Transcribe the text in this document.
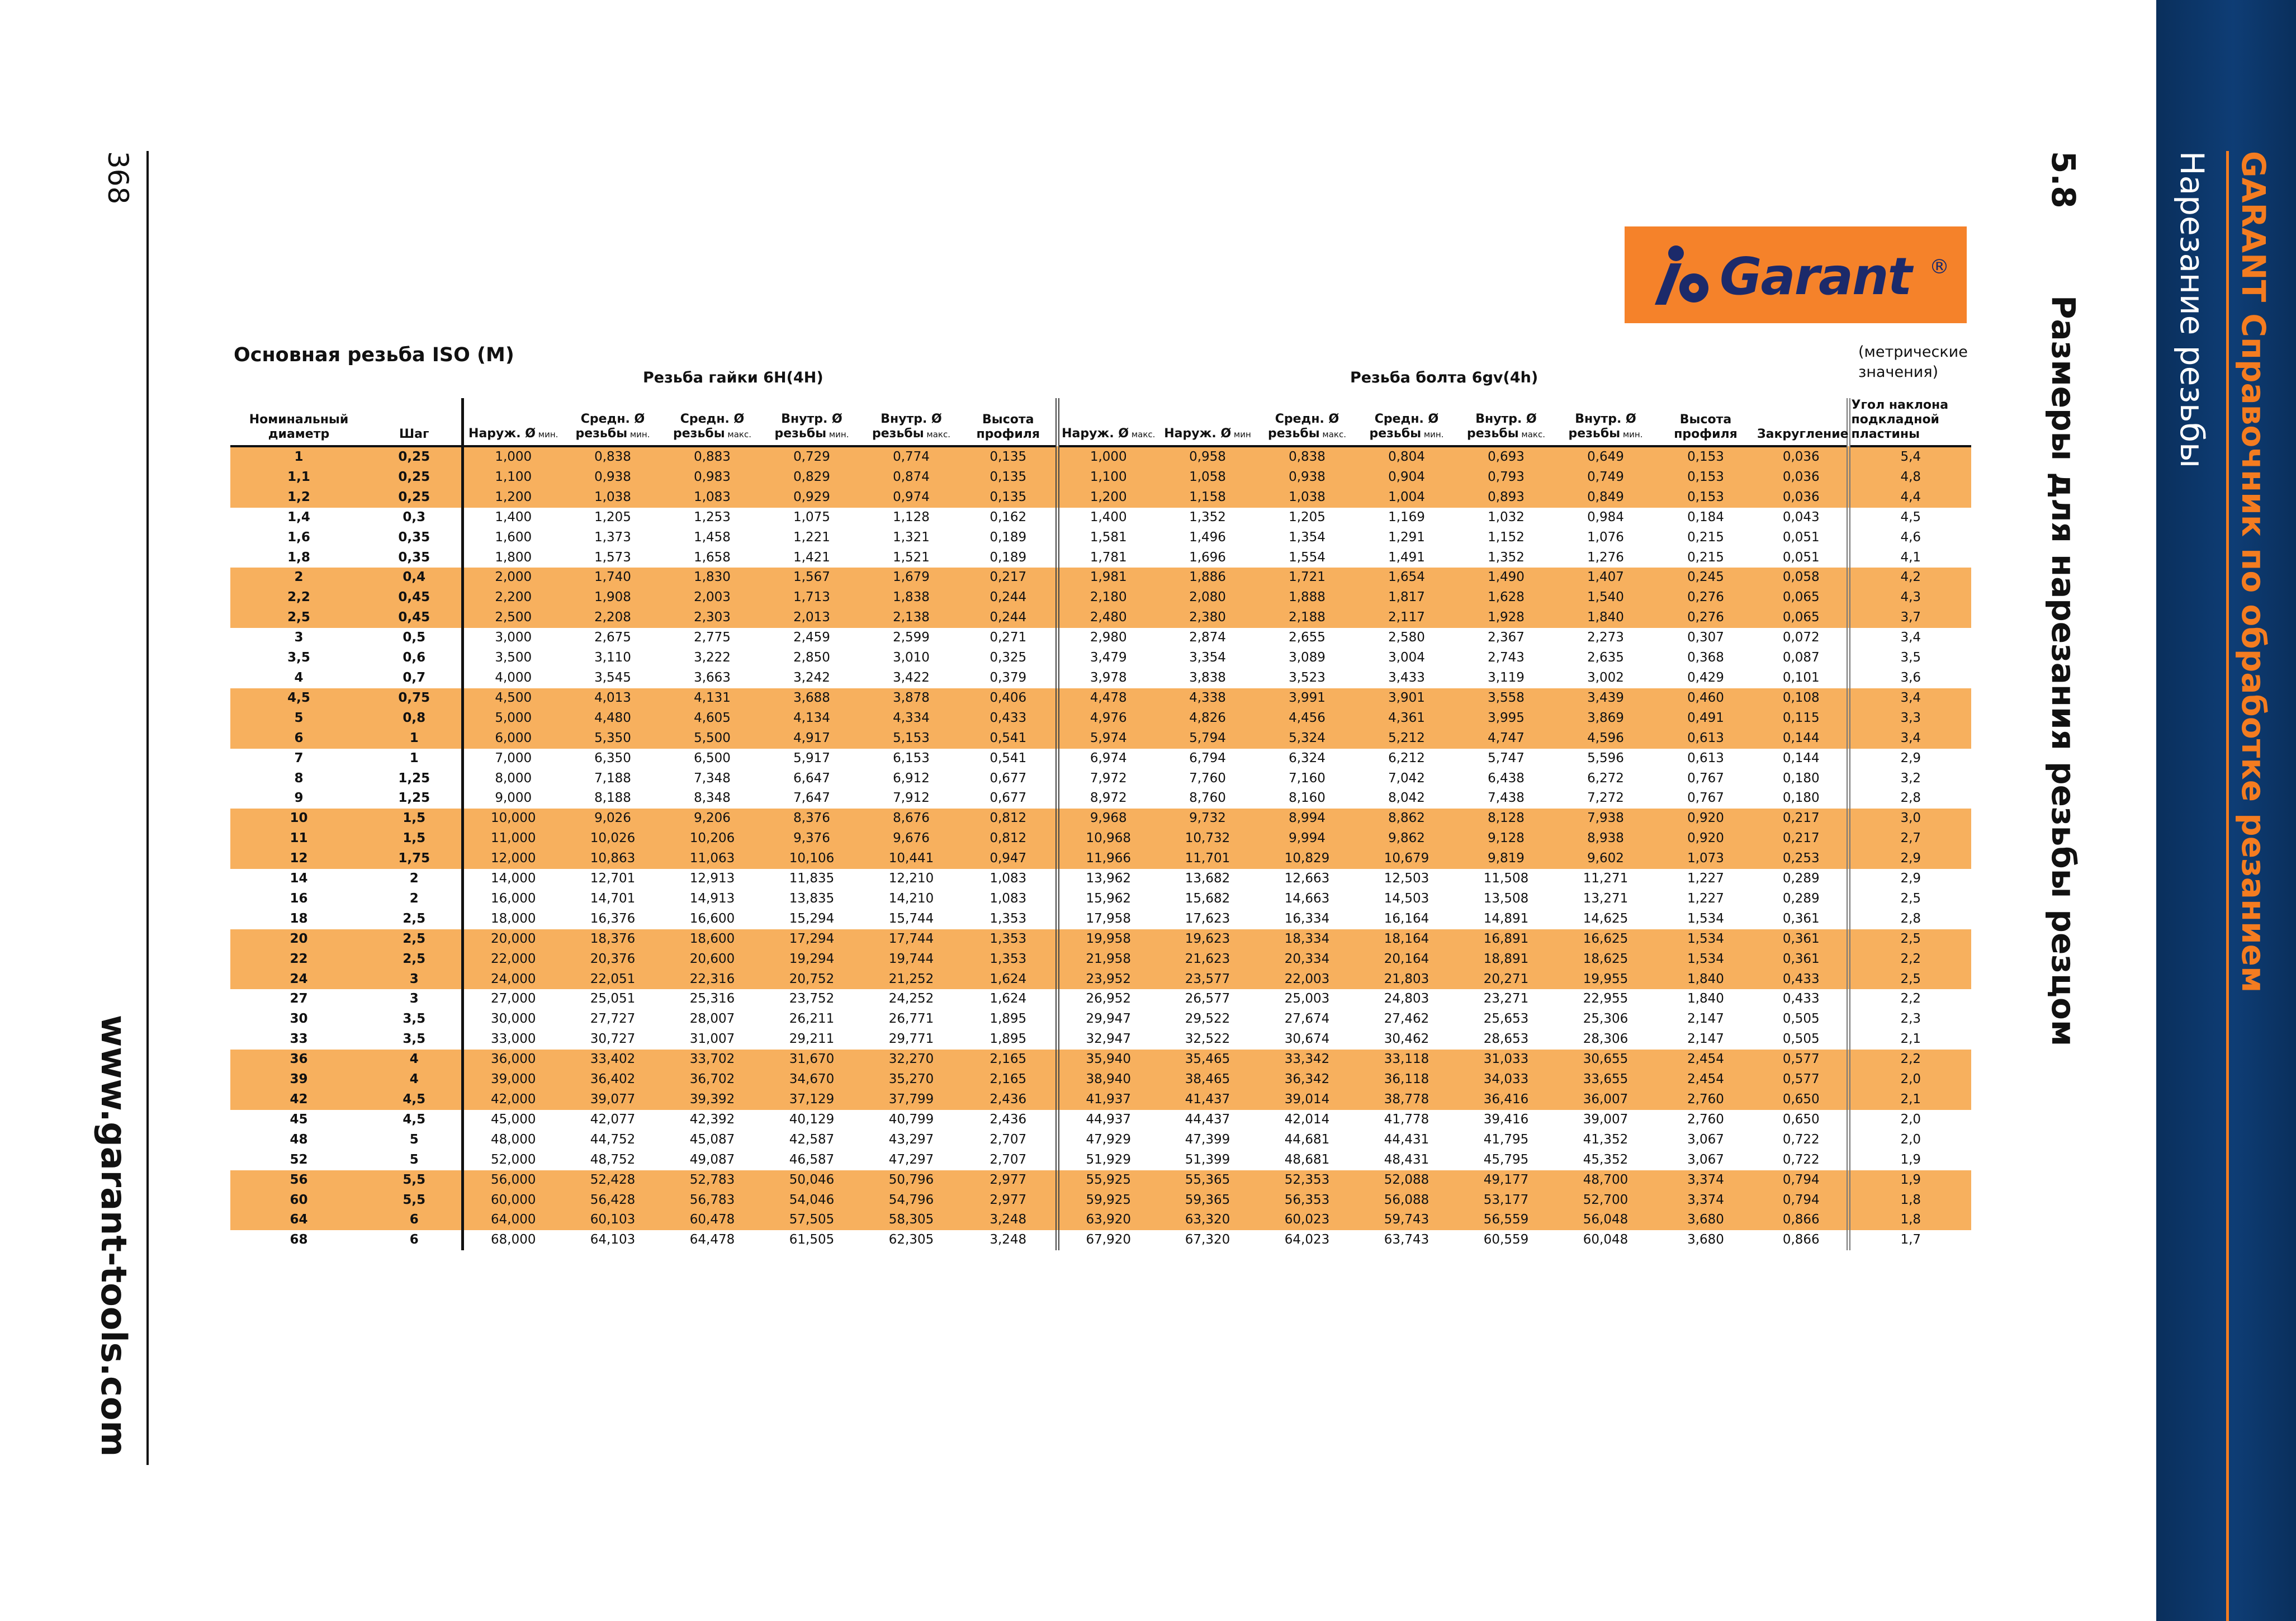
GARANT Справочник по обработке резанием
Нарезание резьбы
5.8
Размеры для нарезания резьбы резцом
368
www.garant-tools.com
Garant ®
Основная резьба ISO (M)	(метрические значения)
Резьба гайки 6H(4H)	Резьба болта 6gv(4h)
Номинальный диаметр	Шаг	Наруж. Ø мин.	Средн. Ø резьбы мин.	Средн. Ø резьбы макс.	Внутр. Ø резьбы мин.	Внутр. Ø резьбы макс.	Высота профиля	Наруж. Ø макс.	Наруж. Ø мин	Средн. Ø резьбы макс.	Средн. Ø резьбы мин.	Внутр. Ø резьбы макс.	Внутр. Ø резьбы мин.	Высота профиля	Закругление	Угол наклона подкладной пластины
1	0,25	1,000	0,838	0,883	0,729	0,774	0,135	1,000	0,958	0,838	0,804	0,693	0,649	0,153	0,036	5,4
1,1	0,25	1,100	0,938	0,983	0,829	0,874	0,135	1,100	1,058	0,938	0,904	0,793	0,749	0,153	0,036	4,8
1,2	0,25	1,200	1,038	1,083	0,929	0,974	0,135	1,200	1,158	1,038	1,004	0,893	0,849	0,153	0,036	4,4
1,4	0,3	1,400	1,205	1,253	1,075	1,128	0,162	1,400	1,352	1,205	1,169	1,032	0,984	0,184	0,043	4,5
1,6	0,35	1,600	1,373	1,458	1,221	1,321	0,189	1,581	1,496	1,354	1,291	1,152	1,076	0,215	0,051	4,6
1,8	0,35	1,800	1,573	1,658	1,421	1,521	0,189	1,781	1,696	1,554	1,491	1,352	1,276	0,215	0,051	4,1
2	0,4	2,000	1,740	1,830	1,567	1,679	0,217	1,981	1,886	1,721	1,654	1,490	1,407	0,245	0,058	4,2
2,2	0,45	2,200	1,908	2,003	1,713	1,838	0,244	2,180	2,080	1,888	1,817	1,628	1,540	0,276	0,065	4,3
2,5	0,45	2,500	2,208	2,303	2,013	2,138	0,244	2,480	2,380	2,188	2,117	1,928	1,840	0,276	0,065	3,7
3	0,5	3,000	2,675	2,775	2,459	2,599	0,271	2,980	2,874	2,655	2,580	2,367	2,273	0,307	0,072	3,4
3,5	0,6	3,500	3,110	3,222	2,850	3,010	0,325	3,479	3,354	3,089	3,004	2,743	2,635	0,368	0,087	3,5
4	0,7	4,000	3,545	3,663	3,242	3,422	0,379	3,978	3,838	3,523	3,433	3,119	3,002	0,429	0,101	3,6
4,5	0,75	4,500	4,013	4,131	3,688	3,878	0,406	4,478	4,338	3,991	3,901	3,558	3,439	0,460	0,108	3,4
5	0,8	5,000	4,480	4,605	4,134	4,334	0,433	4,976	4,826	4,456	4,361	3,995	3,869	0,491	0,115	3,3
6	1	6,000	5,350	5,500	4,917	5,153	0,541	5,974	5,794	5,324	5,212	4,747	4,596	0,613	0,144	3,4
7	1	7,000	6,350	6,500	5,917	6,153	0,541	6,974	6,794	6,324	6,212	5,747	5,596	0,613	0,144	2,9
8	1,25	8,000	7,188	7,348	6,647	6,912	0,677	7,972	7,760	7,160	7,042	6,438	6,272	0,767	0,180	3,2
9	1,25	9,000	8,188	8,348	7,647	7,912	0,677	8,972	8,760	8,160	8,042	7,438	7,272	0,767	0,180	2,8
10	1,5	10,000	9,026	9,206	8,376	8,676	0,812	9,968	9,732	8,994	8,862	8,128	7,938	0,920	0,217	3,0
11	1,5	11,000	10,026	10,206	9,376	9,676	0,812	10,968	10,732	9,994	9,862	9,128	8,938	0,920	0,217	2,7
12	1,75	12,000	10,863	11,063	10,106	10,441	0,947	11,966	11,701	10,829	10,679	9,819	9,602	1,073	0,253	2,9
14	2	14,000	12,701	12,913	11,835	12,210	1,083	13,962	13,682	12,663	12,503	11,508	11,271	1,227	0,289	2,9
16	2	16,000	14,701	14,913	13,835	14,210	1,083	15,962	15,682	14,663	14,503	13,508	13,271	1,227	0,289	2,5
18	2,5	18,000	16,376	16,600	15,294	15,744	1,353	17,958	17,623	16,334	16,164	14,891	14,625	1,534	0,361	2,8
20	2,5	20,000	18,376	18,600	17,294	17,744	1,353	19,958	19,623	18,334	18,164	16,891	16,625	1,534	0,361	2,5
22	2,5	22,000	20,376	20,600	19,294	19,744	1,353	21,958	21,623	20,334	20,164	18,891	18,625	1,534	0,361	2,2
24	3	24,000	22,051	22,316	20,752	21,252	1,624	23,952	23,577	22,003	21,803	20,271	19,955	1,840	0,433	2,5
27	3	27,000	25,051	25,316	23,752	24,252	1,624	26,952	26,577	25,003	24,803	23,271	22,955	1,840	0,433	2,2
30	3,5	30,000	27,727	28,007	26,211	26,771	1,895	29,947	29,522	27,674	27,462	25,653	25,306	2,147	0,505	2,3
33	3,5	33,000	30,727	31,007	29,211	29,771	1,895	32,947	32,522	30,674	30,462	28,653	28,306	2,147	0,505	2,1
36	4	36,000	33,402	33,702	31,670	32,270	2,165	35,940	35,465	33,342	33,118	31,033	30,655	2,454	0,577	2,2
39	4	39,000	36,402	36,702	34,670	35,270	2,165	38,940	38,465	36,342	36,118	34,033	33,655	2,454	0,577	2,0
42	4,5	42,000	39,077	39,392	37,129	37,799	2,436	41,937	41,437	39,014	38,778	36,416	36,007	2,760	0,650	2,1
45	4,5	45,000	42,077	42,392	40,129	40,799	2,436	44,937	44,437	42,014	41,778	39,416	39,007	2,760	0,650	2,0
48	5	48,000	44,752	45,087	42,587	43,297	2,707	47,929	47,399	44,681	44,431	41,795	41,352	3,067	0,722	2,0
52	5	52,000	48,752	49,087	46,587	47,297	2,707	51,929	51,399	48,681	48,431	45,795	45,352	3,067	0,722	1,9
56	5,5	56,000	52,428	52,783	50,046	50,796	2,977	55,925	55,365	52,353	52,088	49,177	48,700	3,374	0,794	1,9
60	5,5	60,000	56,428	56,783	54,046	54,796	2,977	59,925	59,365	56,353	56,088	53,177	52,700	3,374	0,794	1,8
64	6	64,000	60,103	60,478	57,505	58,305	3,248	63,920	63,320	60,023	59,743	56,559	56,048	3,680	0,866	1,8
68	6	68,000	64,103	64,478	61,505	62,305	3,248	67,920	67,320	64,023	63,743	60,559	60,048	3,680	0,866	1,7
